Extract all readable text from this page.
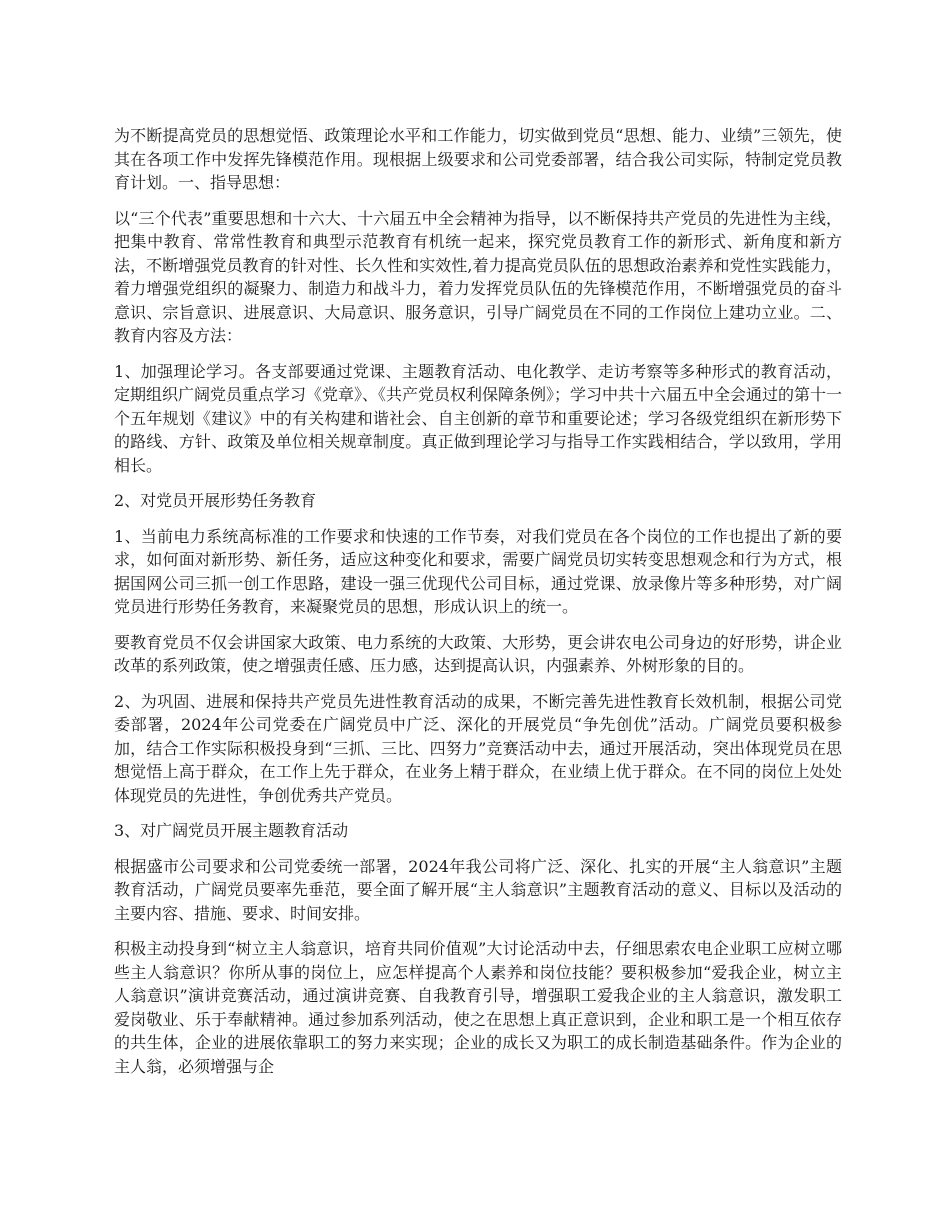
为不断提高党员的思想觉悟、政策理论水平和工作能力，切实做到党员“思想、能力、业绩”三领先，使其在各项工作中发挥先锋模范作用。现根据上级要求和公司党委部署，结合我公司实际，特制定党员教育计划。一、指导思想：

以“三个代表”重要思想和十六大、十六届五中全会精神为指导，以不断保持共产党员的先进性为主线，把集中教育、常常性教育和典型示范教育有机统一起来，探究党员教育工作的新形式、新角度和新方法，不断增强党员教育的针对性、长久性和实效性,着力提高党员队伍的思想政治素养和党性实践能力，着力增强党组织的凝聚力、制造力和战斗力，着力发挥党员队伍的先锋模范作用，不断增强党员的奋斗意识、宗旨意识、进展意识、大局意识、服务意识，引导广阔党员在不同的工作岗位上建功立业。二、教育内容及方法：

1、加强理论学习。各支部要通过党课、主题教育活动、电化教学、走访考察等多种形式的教育活动，定期组织广阔党员重点学习《党章》、《共产党员权利保障条例》；学习中共十六届五中全会通过的第十一个五年规划《建议》中的有关构建和谐社会、自主创新的章节和重要论述；学习各级党组织在新形势下的路线、方针、政策及单位相关规章制度。真正做到理论学习与指导工作实践相结合，学以致用，学用相长。

2、对党员开展形势任务教育

1、当前电力系统高标准的工作要求和快速的工作节奏，对我们党员在各个岗位的工作也提出了新的要求，如何面对新形势、新任务，适应这种变化和要求，需要广阔党员切实转变思想观念和行为方式，根据国网公司三抓一创工作思路，建设一强三优现代公司目标，通过党课、放录像片等多种形势，对广阔党员进行形势任务教育，来凝聚党员的思想，形成认识上的统一。

要教育党员不仅会讲国家大政策、电力系统的大政策、大形势，更会讲农电公司身边的好形势，讲企业改革的系列政策，使之增强责任感、压力感，达到提高认识，内强素养、外树形象的目的。

2、为巩固、进展和保持共产党员先进性教育活动的成果，不断完善先进性教育长效机制，根据公司党委部署，2024年公司党委在广阔党员中广泛、深化的开展党员“争先创优”活动。广阔党员要积极参加，结合工作实际积极投身到“三抓、三比、四努力”竞赛活动中去，通过开展活动，突出体现党员在思想觉悟上高于群众，在工作上先于群众，在业务上精于群众，在业绩上优于群众。在不同的岗位上处处体现党员的先进性，争创优秀共产党员。

3、对广阔党员开展主题教育活动

根据盛市公司要求和公司党委统一部署，2024年我公司将广泛、深化、扎实的开展“主人翁意识”主题教育活动，广阔党员要率先垂范，要全面了解开展“主人翁意识”主题教育活动的意义、目标以及活动的主要内容、措施、要求、时间安排。

积极主动投身到“树立主人翁意识，培育共同价值观”大讨论活动中去，仔细思索农电企业职工应树立哪些主人翁意识？你所从事的岗位上，应怎样提高个人素养和岗位技能？要积极参加“爱我企业，树立主人翁意识”演讲竞赛活动，通过演讲竞赛、自我教育引导，增强职工爱我企业的主人翁意识，激发职工爱岗敬业、乐于奉献精神。通过参加系列活动，使之在思想上真正意识到，企业和职工是一个相互依存的共生体，企业的进展依靠职工的努力来实现；企业的成长又为职工的成长制造基础条件。作为企业的主人翁，必须增强与企
